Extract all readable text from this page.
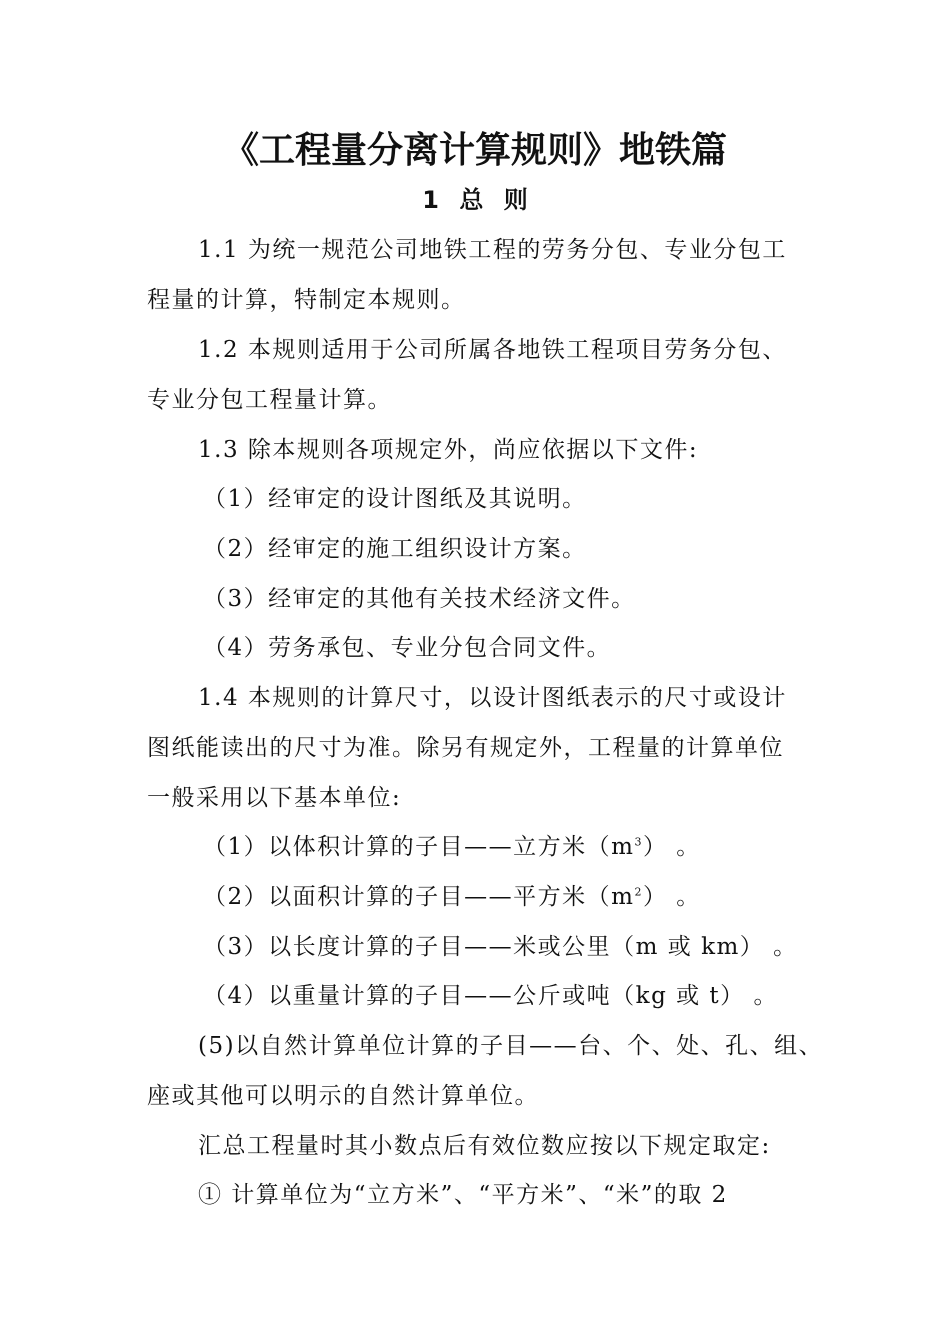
《工程量分离计算规则》地铁篇
1 总 则

1.1 为统一规范公司地铁工程的劳务分包、专业分包工

程量的计算，特制定本规则。

1.2 本规则适用于公司所属各地铁工程项目劳务分包、

专业分包工程量计算。

1.3 除本规则各项规定外，尚应依据以下文件:

（1）经审定的设计图纸及其说明。

（2）经审定的施工组织设计方案。

（3）经审定的其他有关技术经济文件。

（4）劳务承包、专业分包合同文件。

1.4 本规则的计算尺寸，以设计图纸表示的尺寸或设计

图纸能读出的尺寸为准。除另有规定外，工程量的计算单位

一般采用以下基本单位:

（1）以体积计算的子目——立方米$(m^3)$ 。

（2）以面积计算的子目——平方米$(m^2)$ 。

（3）以长度计算的子目——米或公里（m 或 km） 。

（4）以重量计算的子目——公斤或吨（kg 或 t） 。

(5)以自然计算单位计算的子目——台、个、处、孔、组、

座或其他可以明示的自然计算单位。

汇总工程量时其小数点后有效位数应按以下规定取定:

① 计算单位为“立方米”、“平方米”、“米”的取 2
